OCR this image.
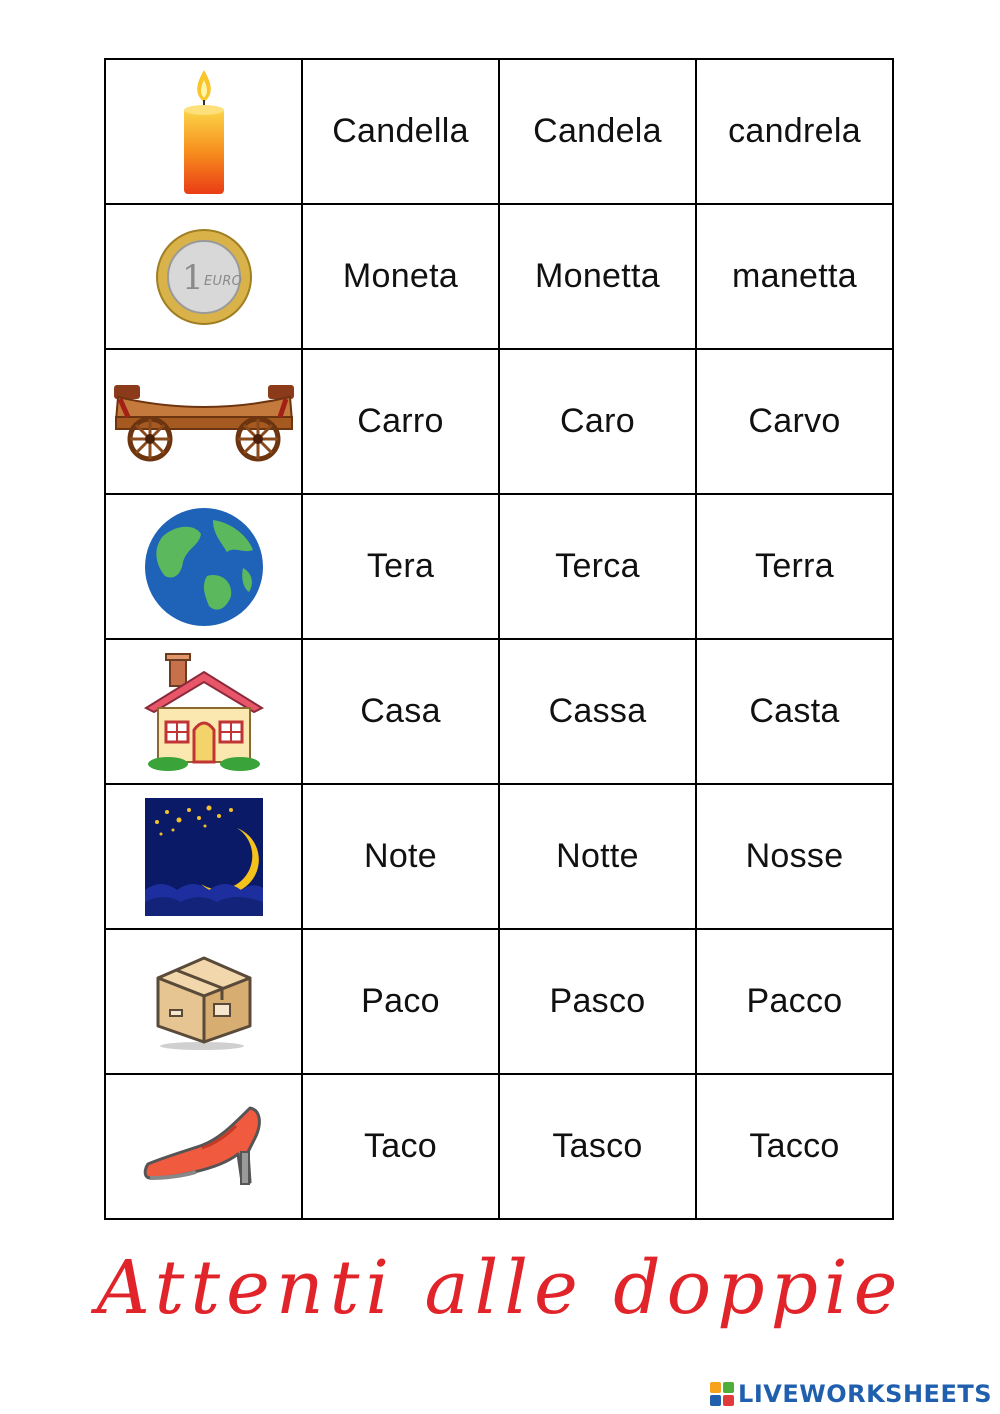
	Candella	Candela	candrela

1 EURO	Moneta	Monetta	manetta

	Carro	Caro	Carvo

	Tera	Terca	Terra

	Casa	Cassa	Casta

	Note	Notte	Nosse

	Paco	Pasco	Pacco

	Taco	Tasco	Tacco
Attenti alle doppie
LIVEWORKSHEETS
